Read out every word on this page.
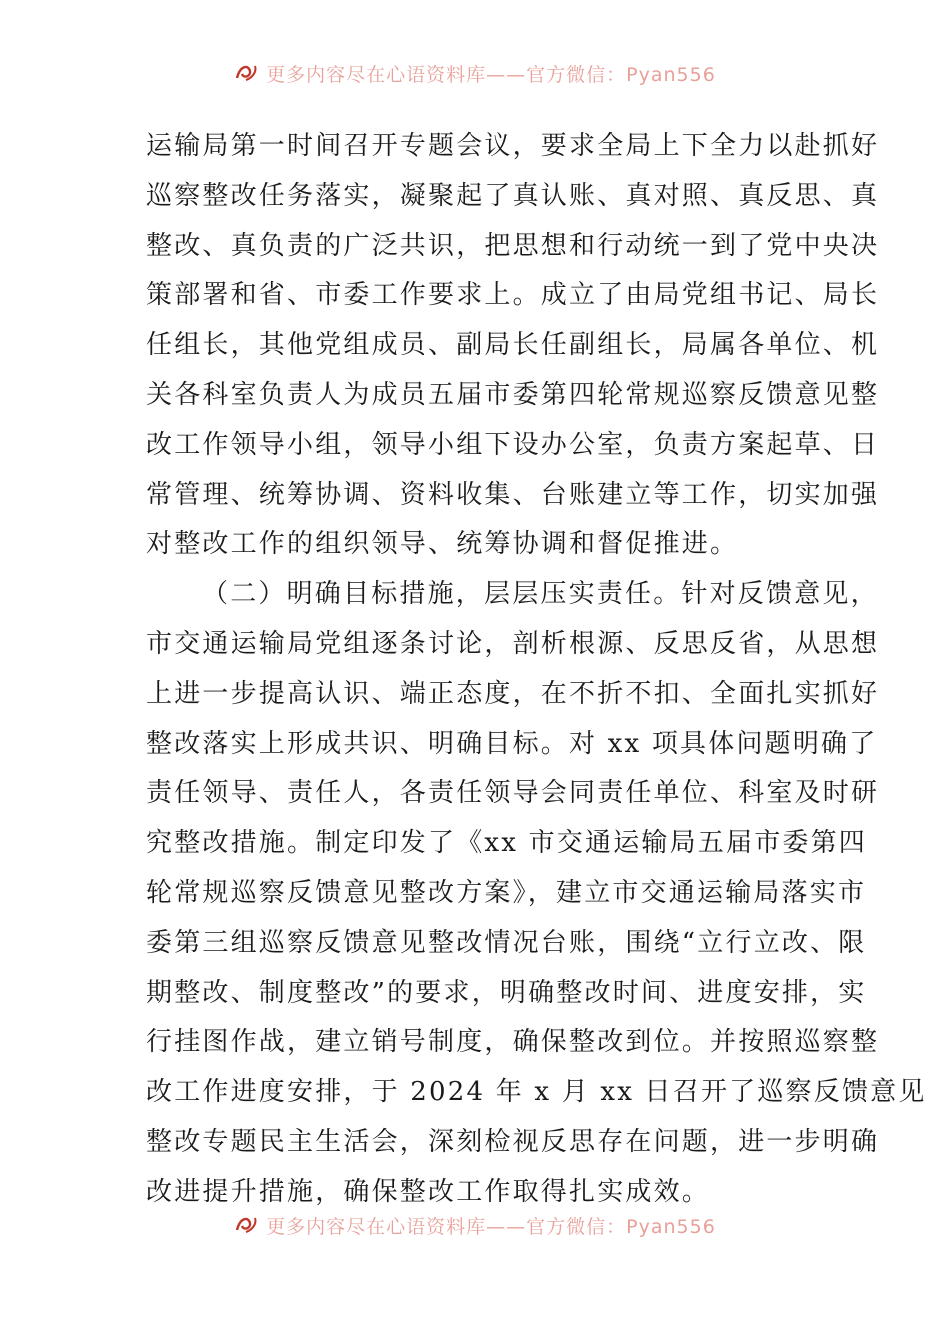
更多内容尽在心语资料库——官方微信：Pyan556
运输局第一时间召开专题会议，要求全局上下全力以赴抓好
巡察整改任务落实，凝聚起了真认账、真对照、真反思、真
整改、真负责的广泛共识，把思想和行动统一到了党中央决
策部署和省、市委工作要求上。成立了由局党组书记、局长
任组长，其他党组成员、副局长任副组长，局属各单位、机
关各科室负责人为成员五届市委第四轮常规巡察反馈意见整
改工作领导小组，领导小组下设办公室，负责方案起草、日
常管理、统筹协调、资料收集、台账建立等工作，切实加强
对整改工作的组织领导、统筹协调和督促推进。
（二）明确目标措施，层层压实责任。针对反馈意见，
市交通运输局党组逐条讨论，剖析根源、反思反省，从思想
上进一步提高认识、端正态度，在不折不扣、全面扎实抓好
整改落实上形成共识、明确目标。对 xx 项具体问题明确了
责任领导、责任人，各责任领导会同责任单位、科室及时研
究整改措施。制定印发了《xx 市交通运输局五届市委第四
轮常规巡察反馈意见整改方案》，建立市交通运输局落实市
委第三组巡察反馈意见整改情况台账，围绕“立行立改、限
期整改、制度整改”的要求，明确整改时间、进度安排，实
行挂图作战，建立销号制度，确保整改到位。并按照巡察整
改工作进度安排，于 2024 年 x 月 xx 日召开了巡察反馈意见
整改专题民主生活会，深刻检视反思存在问题，进一步明确
改进提升措施，确保整改工作取得扎实成效。
更多内容尽在心语资料库——官方微信：Pyan556
